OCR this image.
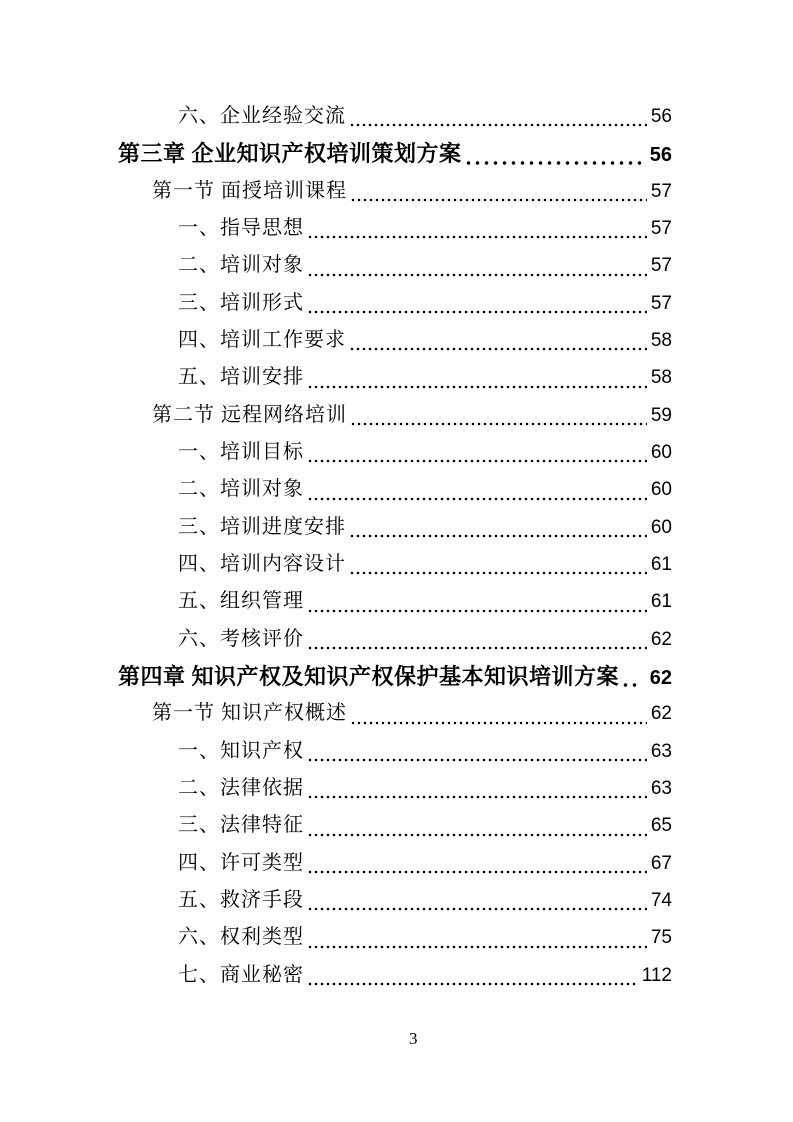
六、企业经验交流	56
第三章 企业知识产权培训策划方案	56
第一节 面授培训课程	57
一、指导思想	57
二、培训对象	57
三、培训形式	57
四、培训工作要求	58
五、培训安排	58
第二节 远程网络培训	59
一、培训目标	60
二、培训对象	60
三、培训进度安排	60
四、培训内容设计	61
五、组织管理	61
六、考核评价	62
第四章 知识产权及知识产权保护基本知识培训方案 62
第一节 知识产权概述	62
一、知识产权	63
二、法律依据	63
三、法律特征	65
四、许可类型	67
五、救济手段	74
六、权利类型	75
七、商业秘密	112
3
